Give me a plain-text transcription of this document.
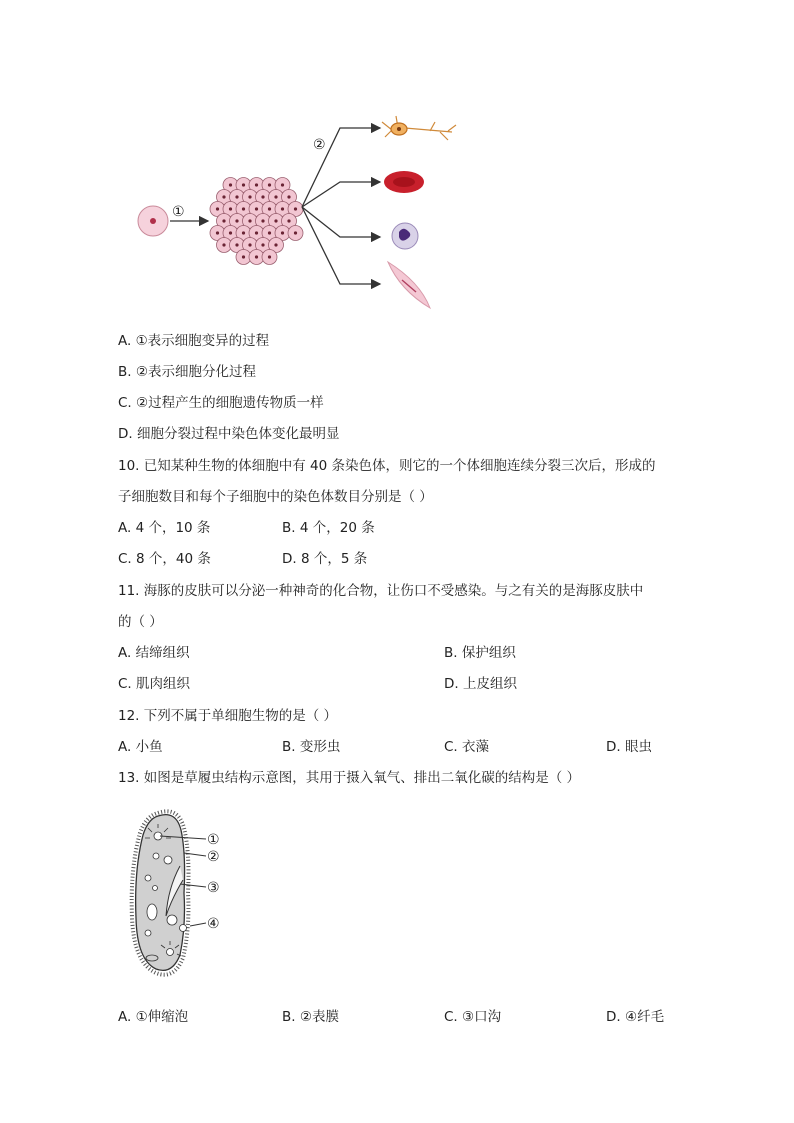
①
②
A. ①表示细胞变异的过程
B. ②表示细胞分化过程
C. ②过程产生的细胞遗传物质一样
D. 细胞分裂过程中染色体变化最明显
10. 已知某种生物的体细胞中有 40 条染色体，则它的一个体细胞连续分裂三次后，形成的
子细胞数目和每个子细胞中的染色体数目分别是（ ）
A. 4 个，10 条	B. 4 个，20 条
C. 8 个，40 条	D. 8 个，5 条
11. 海豚的皮肤可以分泌一种神奇的化合物，让伤口不受感染。与之有关的是海豚皮肤中
的（ ）
A. 结缔组织	B. 保护组织
C. 肌肉组织	D. 上皮组织
12. 下列不属于单细胞生物的是（ ）
A. 小鱼	B. 变形虫	C. 衣藻	D. 眼虫
13. 如图是草履虫结构示意图，其用于摄入氧气、排出二氧化碳的结构是（ ）
①
②
③
④
A. ①伸缩泡	B. ②表膜	C. ③口沟	D. ④纤毛
